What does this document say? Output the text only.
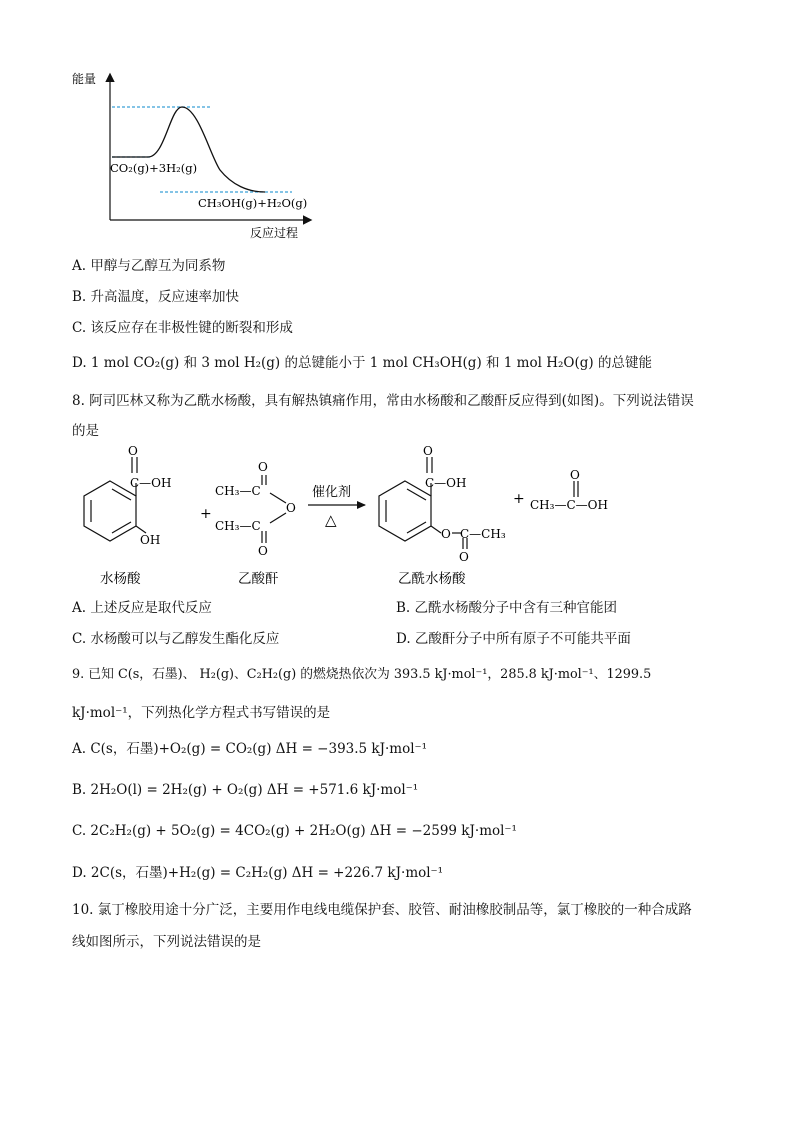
能量
反应过程
CO₂(g)+3H₂(g)
CH₃OH(g)+H₂O(g)
A. 甲醇与乙醇互为同系物
B. 升高温度，反应速率加快
C. 该反应存在非极性键的断裂和形成
D. 1 mol CO₂(g) 和 3 mol H₂(g) 的总键能小于 1 mol CH₃OH(g) 和 1 mol H₂O(g) 的总键能
8. 阿司匹林又称为乙酰水杨酸，具有解热镇痛作用，常由水杨酸和乙酸酐反应得到(如图)。下列说法错误
的是
O
C—OH
OH
水杨酸
+
O
CH₃—C
O
CH₃—C
O
乙酸酐
催化剂
△
O
C—OH
O C—CH₃
O
乙酰水杨酸
+
O
CH₃—C—OH
A. 上述反应是取代反应	B. 乙酰水杨酸分子中含有三种官能团
C. 水杨酸可以与乙醇发生酯化反应	D. 乙酸酐分子中所有原子不可能共平面
9. 已知 C(s，石墨)、 H₂(g)、C₂H₂(g) 的燃烧热依次为 393.5 kJ·mol⁻¹，285.8 kJ·mol⁻¹、1299.5
kJ·mol⁻¹，下列热化学方程式书写错误的是
A. C(s，石墨)+O₂(g) = CO₂(g) ΔH = −393.5 kJ·mol⁻¹
B. 2H₂O(l) = 2H₂(g) + O₂(g) ΔH = +571.6 kJ·mol⁻¹
C. 2C₂H₂(g) + 5O₂(g) = 4CO₂(g) + 2H₂O(g) ΔH = −2599 kJ·mol⁻¹
D. 2C(s，石墨)+H₂(g) = C₂H₂(g) ΔH = +226.7 kJ·mol⁻¹
10. 氯丁橡胶用途十分广泛，主要用作电线电缆保护套、胶管、耐油橡胶制品等，氯丁橡胶的一种合成路
线如图所示，下列说法错误的是
